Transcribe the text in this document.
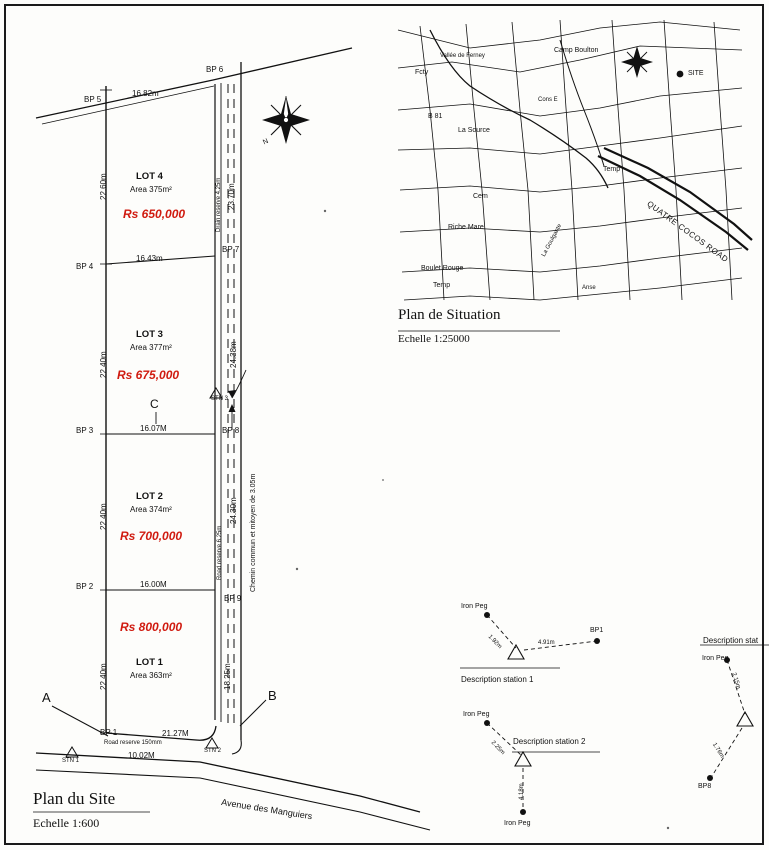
BP 6
BP 5
BP 7
BP 4
BP 3	BP 8
BP 2
BP 9
BP 1
A	B
C
16.82m
16.43m
16.07M
16.00M
21.27M
10.02M
22.60m
22.40m
22.40m
22.40m
23.70m
24.38m
24.30m
18.25m
Drain reserve 4.25m
Road reserve 6.25m	Chemin commun et mitoyen de 3.05m
LOT 4
Area 375m²
Rs 650,000
LOT 3
Area 377m²
Rs 675,000
LOT 2
Area 374m²
Rs 700,000
Rs 800,000
LOT 1
Area 363m²
Road reserve 150mm
Avenue des Manguiers
STN 1
STN 2
STN 3
N
Plan du Site
Echelle 1:600
Vallée de Ferney
Camp Boulton
Fcty
B 81
Cons E
La Source
Cem
Riche Mare
Temp
Boulet Rouge
Temp	Anse
La Goulgante	QUATRE COCOS ROAD
SITE
Plan de Situation
Echelle 1:25000
Iron Peg
BP1
1.92m	4.91m
Description station 1
Iron Peg
2.25m
4.18m
Description station 2
Iron Peg
Description stat
Iron Peg
2.15m
1.76m
BP8
